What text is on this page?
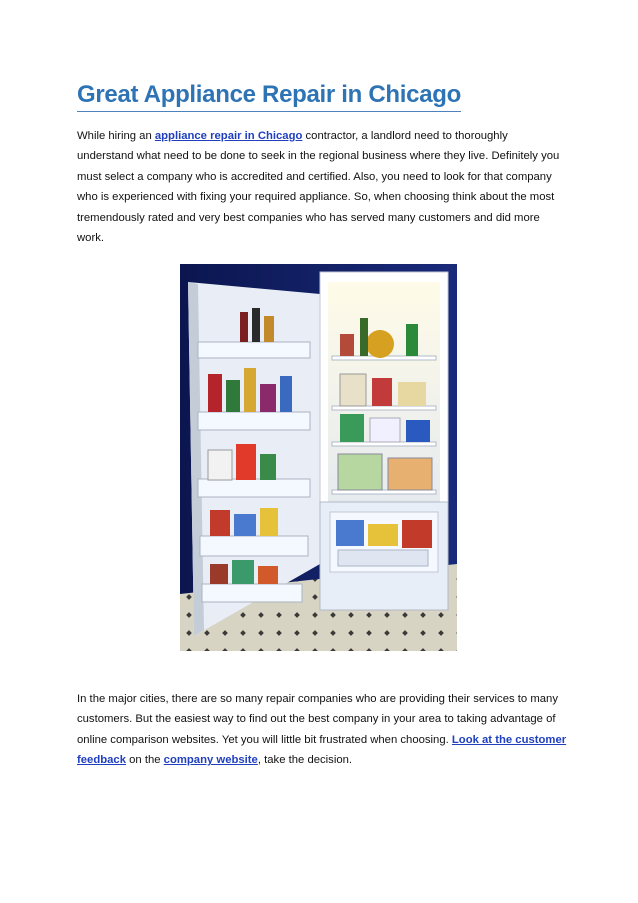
Great Appliance Repair in Chicago

While hiring an appliance repair in Chicago contractor, a landlord need to thoroughly understand what need to be done to seek in the regional business where they live. Definitely you must select a company who is accredited and certified. Also, you need to look for that company who is experienced with fixing your required appliance. So, when choosing think about the most tremendously rated and very best companies who has served many customers and did more work.

In the major cities, there are so many repair companies who are providing their services to many customers. But the easiest way to find out the best company in your area to taking advantage of online comparison websites. Yet you will little bit frustrated when choosing. Look at the customer feedback on the company website, take the decision.
